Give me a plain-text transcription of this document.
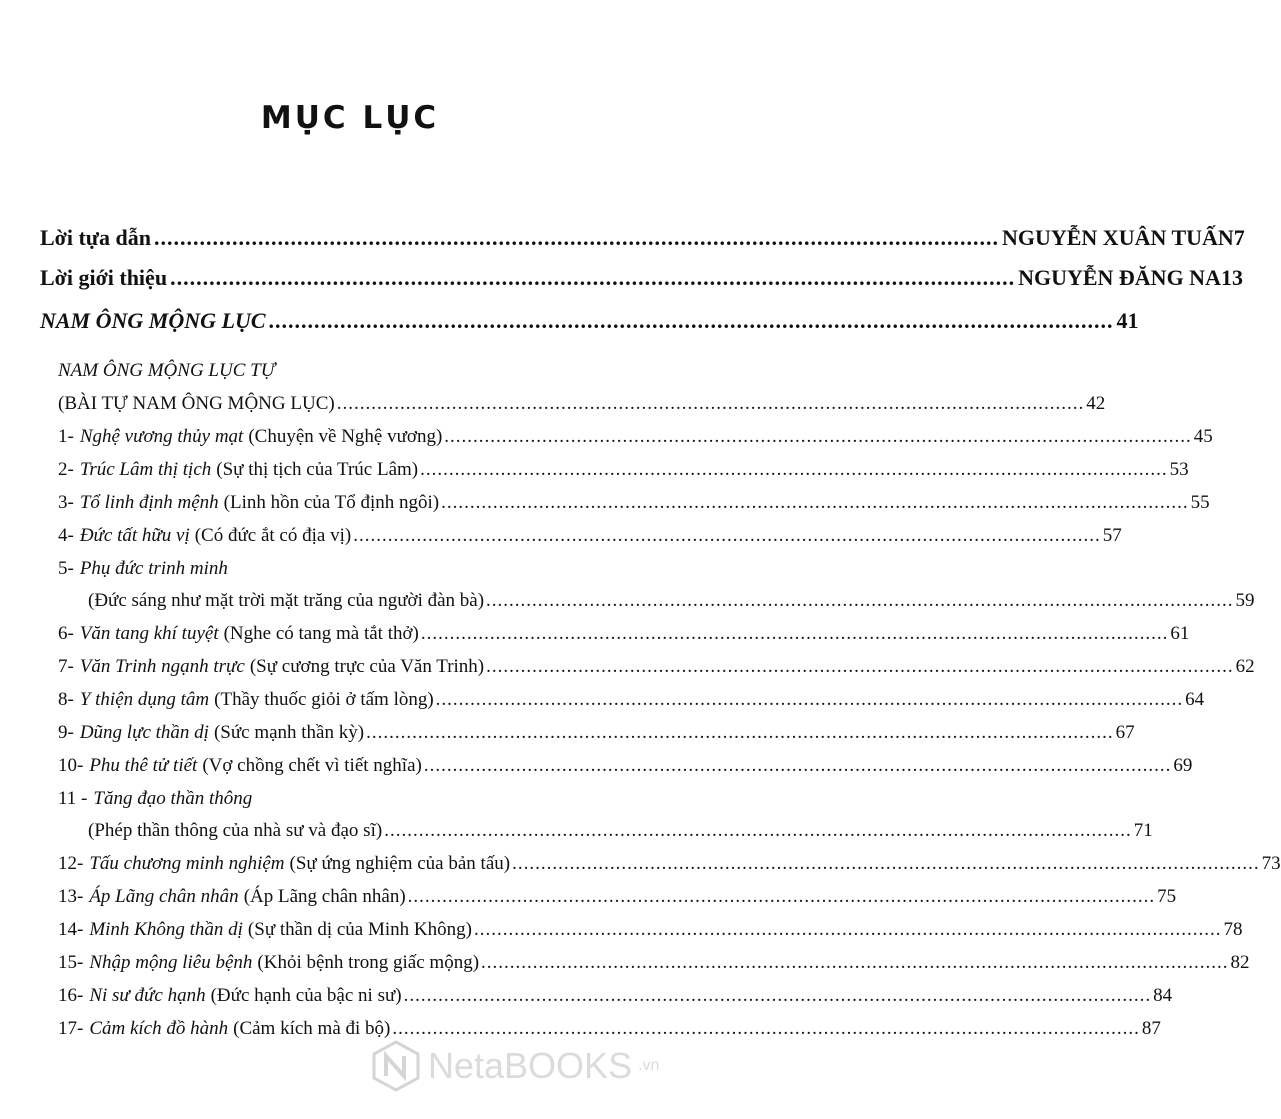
MỤC LỤC
Lời tựa dẫn .................................................................................................................................. NGUYỄN XUÂN TUẤN 7
Lời giới thiệu .................................................................................................................................. NGUYỄN ĐĂNG NA 13
NAM ÔNG MỘNG LỤC .................................................................................................................................. 41
NAM ÔNG MỘNG LỤC TỰ
(BÀI TỰ NAM ÔNG MỘNG LỤC) .................................................................................................................................. 42
1- Nghệ vương thủy mạt (Chuyện về Nghệ vương) .................................................................................................................................. 45
2- Trúc Lâm thị tịch (Sự thị tịch của Trúc Lâm) .................................................................................................................................. 53
3- Tổ linh định mệnh (Linh hồn của Tổ định ngôi) .................................................................................................................................. 55
4- Đức tất hữu vị (Có đức ắt có địa vị) .................................................................................................................................. 57
5- Phụ đức trinh minh
(Đức sáng như mặt trời mặt trăng của người đàn bà) .................................................................................................................................. 59
6- Văn tang khí tuyệt (Nghe có tang mà tắt thở) .................................................................................................................................. 61
7- Văn Trinh ngạnh trực (Sự cương trực của Văn Trinh) .................................................................................................................................. 62
8- Y thiện dụng tâm (Thầy thuốc giỏi ở tấm lòng) .................................................................................................................................. 64
9- Dũng lực thần dị (Sức mạnh thần kỳ) .................................................................................................................................. 67
10- Phu thê tử tiết (Vợ chồng chết vì tiết nghĩa) .................................................................................................................................. 69
11 - Tăng đạo thần thông
(Phép thần thông của nhà sư và đạo sĩ) .................................................................................................................................. 71
12- Tấu chương minh nghiệm (Sự ứng nghiệm của bản tấu) .................................................................................................................................. 73
13- Áp Lãng chân nhân (Áp Lãng chân nhân) .................................................................................................................................. 75
14- Minh Không thần dị (Sự thần dị của Minh Không) .................................................................................................................................. 78
15- Nhập mộng liêu bệnh (Khỏi bệnh trong giấc mộng) .................................................................................................................................. 82
16- Ni sư đức hạnh (Đức hạnh của bậc ni sư) .................................................................................................................................. 84
17- Cảm kích đồ hành (Cảm kích mà đi bộ) .................................................................................................................................. 87
NetaBOOKS .vn
